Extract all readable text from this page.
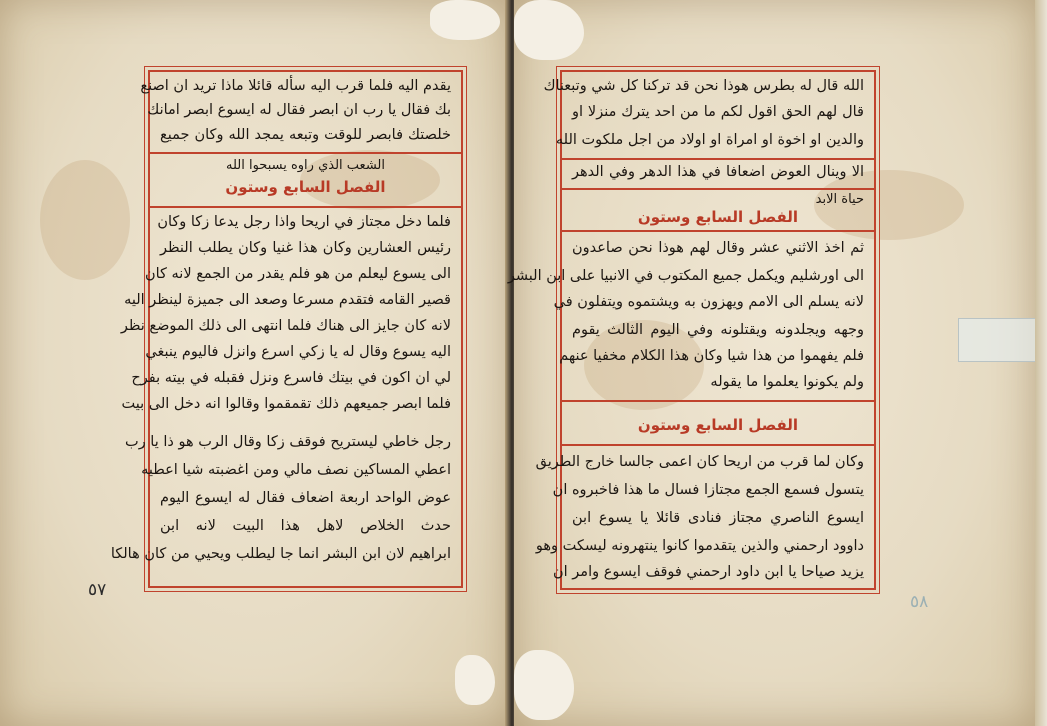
يقدم اليه فلما قرب اليه سأله قائلا ماذا تريد ان اصنع
بك فقال يا رب ان ابصر فقال له ايسوع ابصر امانك
خلصتك فابصر للوقت وتبعه يمجد الله وكان جميع
الشعب الذي راوه يسبحوا الله
الفصل السابع وستون
فلما دخل مجتاز في اريحا واذا رجل يدعا زكا وكان
رئيس العشارين وكان هذا غنيا وكان يطلب النظر
الى يسوع ليعلم من هو فلم يقدر من الجمع لانه كان
قصير القامه فتقدم مسرعا وصعد الى جميزة لينظر اليه
لانه كان جايز الى هناك فلما انتهى الى ذلك الموضع نظر
اليه يسوع وقال له يا زكي اسرع وانزل فاليوم ينبغي
لي ان اكون في بيتك فاسرع ونزل فقبله في بيته بفرح
فلما ابصر جميعهم ذلك تقمقموا وقالوا انه دخل الى بيت
رجل خاطي ليستريح فوقف زكا وقال الرب هو ذا يا رب
اعطي المساكين نصف مالي ومن اغضبته شيا اعطيه
عوض الواحد اربعة اضعاف فقال له ايسوع اليوم
حدث الخلاص لاهل هذا البيت لانه ابن
ابراهيم لان ابن البشر انما جا ليطلب ويحيي من كان هالكا
٥٧
الله قال له بطرس هوذا نحن قد تركنا كل شي وتبعناك
قال لهم الحق اقول لكم ما من احد يترك منزلا او
والدين او اخوة او امراة او اولاد من اجل ملكوت الله
الا وينال العوض اضعافا في هذا الدهر وفي الدهر
حياة الابد
الفصل السابع وستون
ثم اخذ الاثني عشر وقال لهم هوذا نحن صاعدون
الى اورشليم ويكمل جميع المكتوب في الانبيا على ابن البشر
لانه يسلم الى الامم ويهزون به ويشتموه ويتفلون في
وجهه ويجلدونه ويقتلونه وفي اليوم الثالث يقوم
فلم يفهموا من هذا شيا وكان هذا الكلام مخفيا عنهم
ولم يكونوا يعلموا ما يقوله
الفصل السابع وستون
وكان لما قرب من اريحا كان اعمى جالسا خارج الطريق
يتسول فسمع الجمع مجتازا فسال ما هذا فاخبروه ان
ايسوع الناصري مجتاز فنادى قائلا يا يسوع ابن
داوود ارحمني والذين يتقدموا كانوا ينتهرونه ليسكت وهو
يزيد صياحا يا ابن داود ارحمني فوقف ايسوع وامر ان
٥٨
